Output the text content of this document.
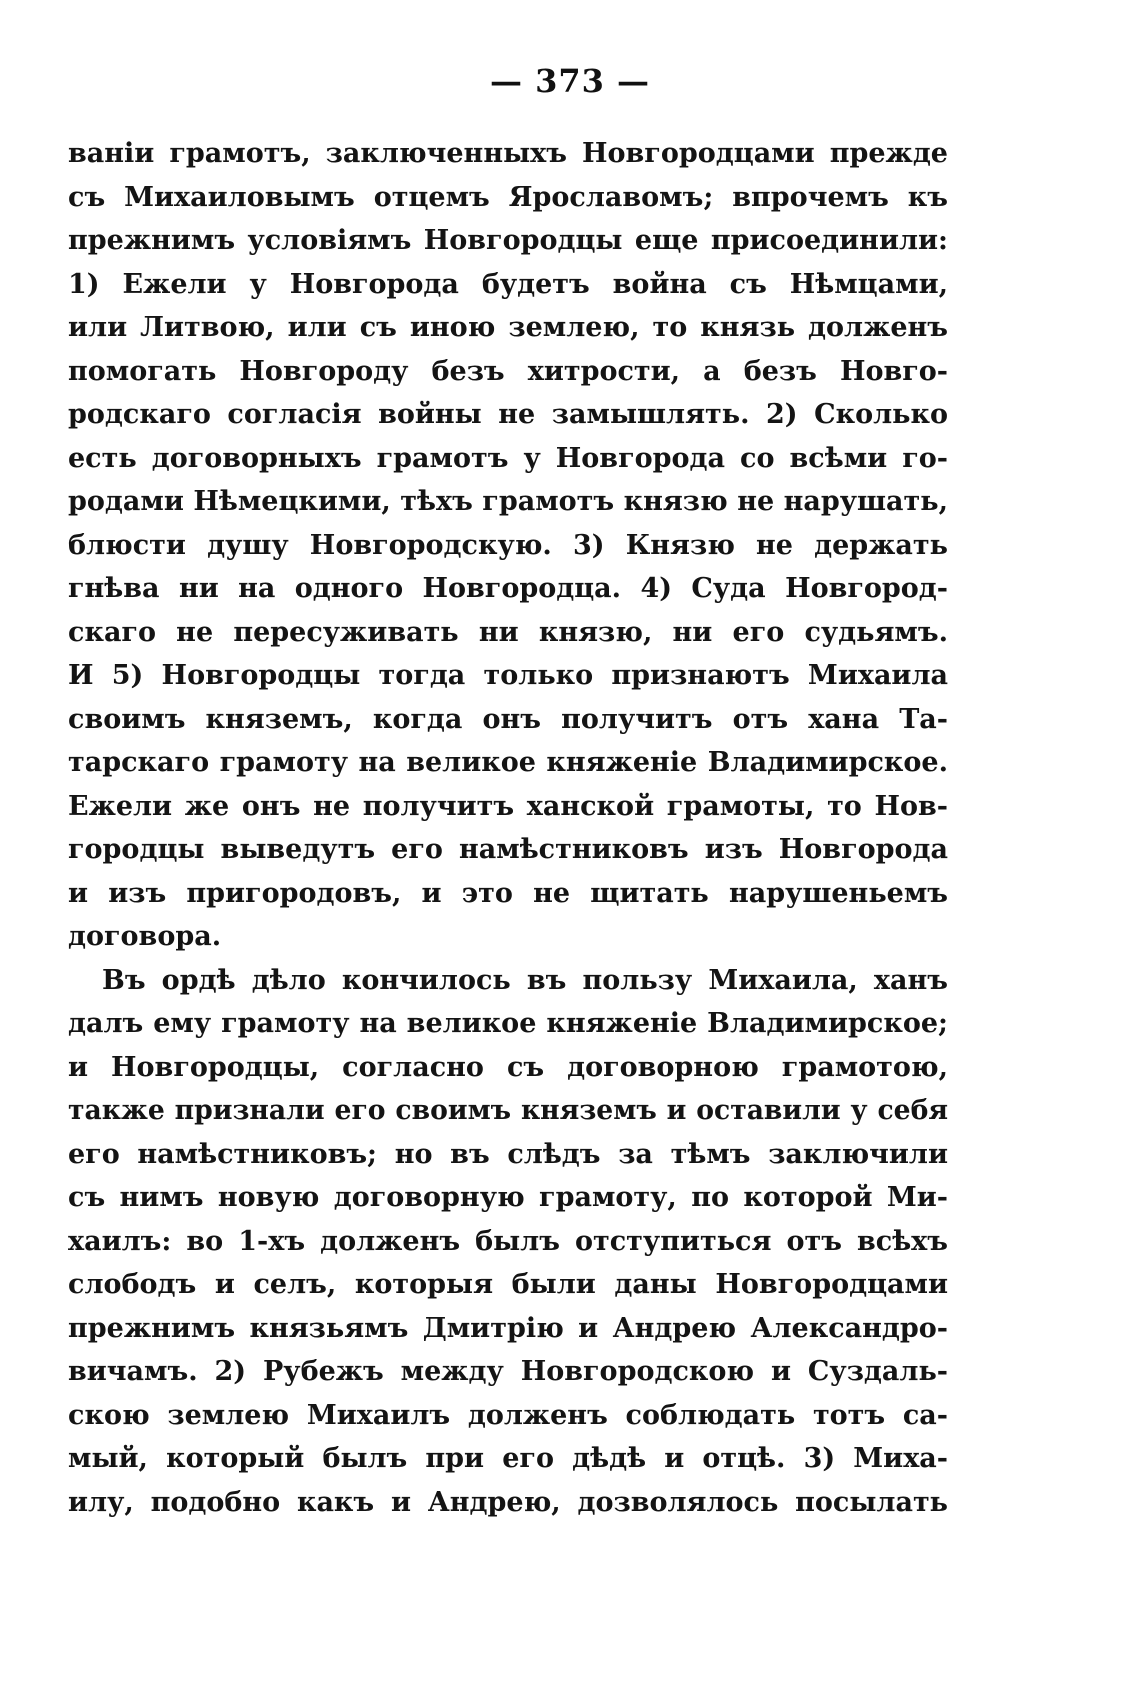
— 373 —
ваніи грамотъ, заключенныхъ Новгородцами прежде
съ Михаиловымъ отцемъ Ярославомъ; впрочемъ къ
прежнимъ условіямъ Новгородцы еще присоединили:
1) Ежели у Новгорода будетъ война съ Нѣмцами,
или Литвою, или съ иною землею, то князь долженъ
помогать Новгороду безъ хитрости, а безъ Новго-
родскаго согласія войны не замышлять. 2) Сколько
есть договорныхъ грамотъ у Новгорода со всѣми го-
родами Нѣмецкими, тѣхъ грамотъ князю не нарушать,
блюсти душу Новгородскую. 3) Князю не держать
гнѣва ни на одного Новгородца. 4) Суда Новгород-
скаго не пересуживать ни князю, ни его судьямъ.
И 5) Новгородцы тогда только признаютъ Михаила
своимъ княземъ, когда онъ получитъ отъ хана Та-
тарскаго грамоту на великое княженіе Владимирское.
Ежели же онъ не получитъ ханской грамоты, то Нов-
городцы выведутъ его намѣстниковъ изъ Новгорода
и изъ пригородовъ, и это не щитать нарушеньемъ
договора.
Въ ордѣ дѣло кончилось въ пользу Михаила, ханъ
далъ ему грамоту на великое княженіе Владимирское;
и Новгородцы, согласно съ договорною грамотою,
также признали его своимъ княземъ и оставили у себя
его намѣстниковъ; но въ слѣдъ за тѣмъ заключили
съ нимъ новую договорную грамоту, по которой Ми-
хаилъ: во 1-хъ долженъ былъ отступиться отъ всѣхъ
слободъ и селъ, которыя были даны Новгородцами
прежнимъ князьямъ Дмитрію и Андрею Александро-
вичамъ. 2) Рубежъ между Новгородскою и Суздаль-
скою землею Михаилъ долженъ соблюдать тотъ са-
мый, который былъ при его дѣдѣ и отцѣ. 3) Миха-
илу, подобно какъ и Андрею, дозволялось посылать
